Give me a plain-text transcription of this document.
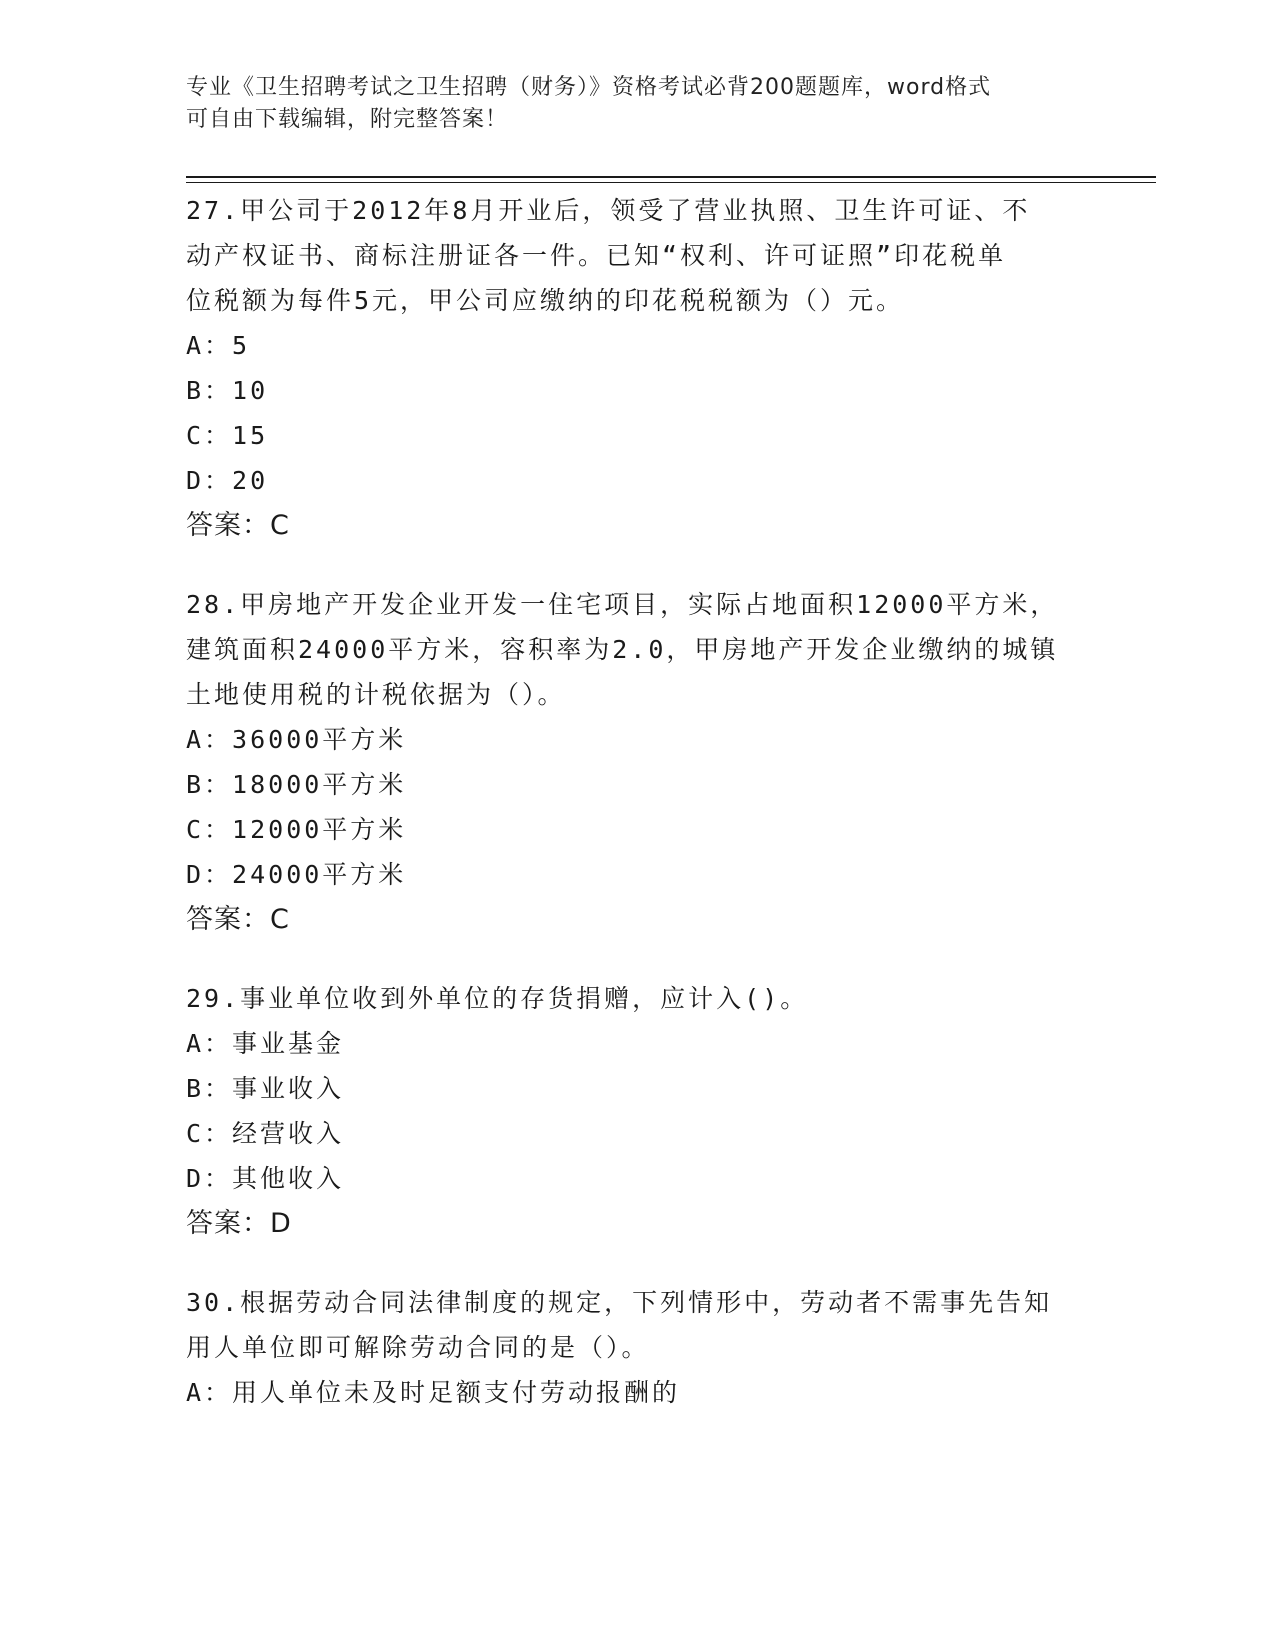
专业《卫生招聘考试之卫生招聘（财务）》资格考试必背200题题库，word格式
可自由下载编辑，附完整答案！
27.甲公司于2012年8月开业后，领受了营业执照、卫生许可证、不
动产权证书、商标注册证各一件。已知“权利、许可证照”印花税单
位税额为每件5元，甲公司应缴纳的印花税税额为（）元。
A：5
B：10
C：15
D：20
答案：C
28.甲房地产开发企业开发一住宅项目，实际占地面积12000平方米，
建筑面积24000平方米，容积率为2.0，甲房地产开发企业缴纳的城镇
土地使用税的计税依据为（）。
A：36000平方米
B：18000平方米
C：12000平方米
D：24000平方米
答案：C
29.事业单位收到外单位的存货捐赠，应计入()。
A：事业基金
B：事业收入
C：经营收入
D：其他收入
答案：D
30.根据劳动合同法律制度的规定，下列情形中，劳动者不需事先告知
用人单位即可解除劳动合同的是（）。
A：用人单位未及时足额支付劳动报酬的
